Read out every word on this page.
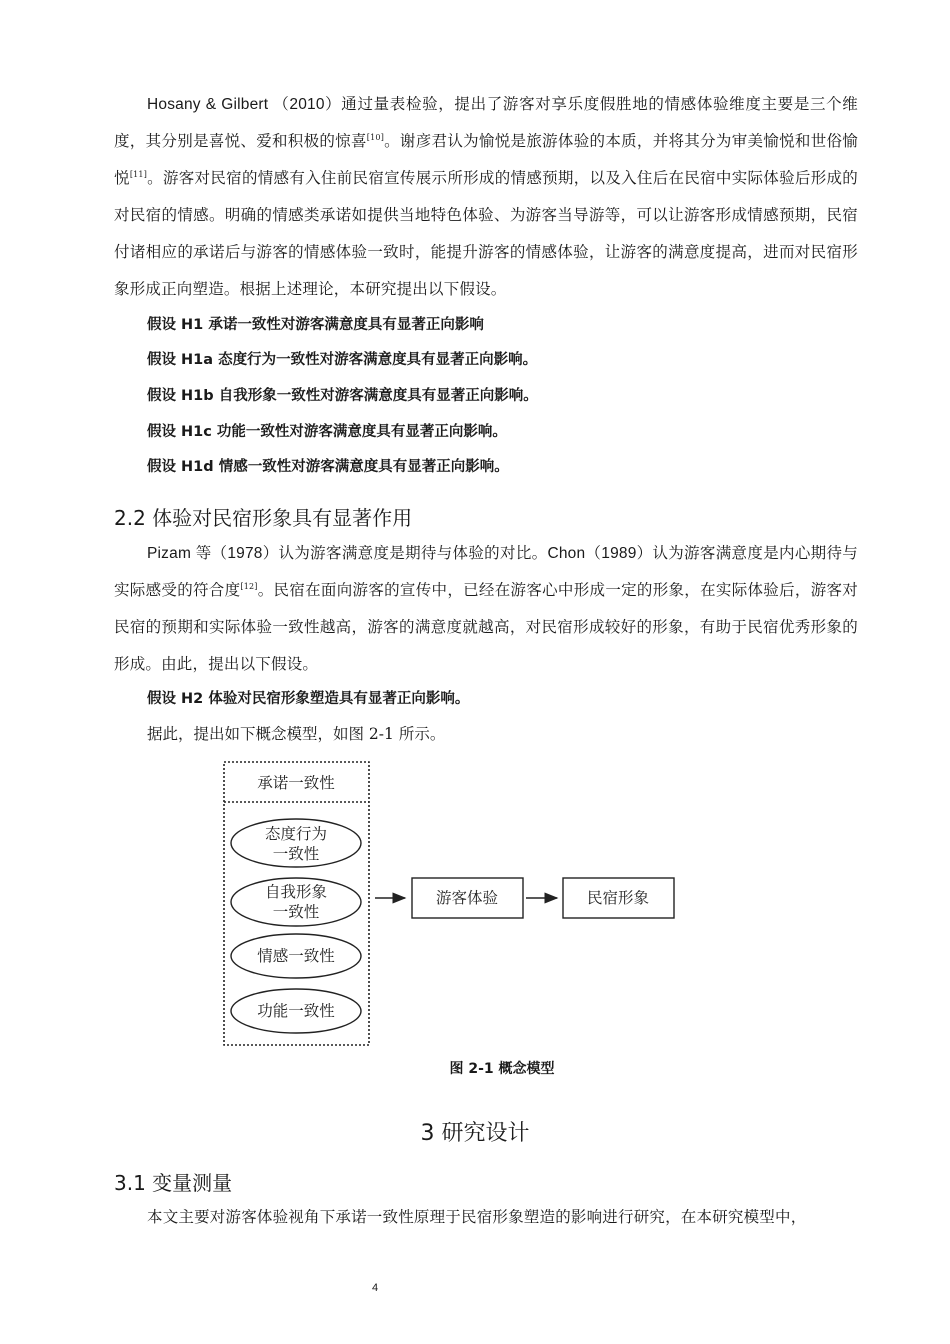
Hosany & Gilbert （2010）通过量表检验，提出了游客对享乐度假胜地的情感体验维度主要是三个维度，其分别是喜悦、爱和积极的惊喜[10]。谢彦君认为愉悦是旅游体验的本质，并将其分为审美愉悦和世俗愉悦[11]。游客对民宿的情感有入住前民宿宣传展示所形成的情感预期，以及入住后在民宿中实际体验后形成的对民宿的情感。明确的情感类承诺如提供当地特色体验、为游客当导游等，可以让游客形成情感预期，民宿付诸相应的承诺后与游客的情感体验一致时，能提升游客的情感体验，让游客的满意度提高，进而对民宿形象形成正向塑造。根据上述理论，本研究提出以下假设。

假设 H1 承诺一致性对游客满意度具有显著正向影响

假设 H1a 态度行为一致性对游客满意度具有显著正向影响。

假设 H1b 自我形象一致性对游客满意度具有显著正向影响。

假设 H1c 功能一致性对游客满意度具有显著正向影响。

假设 H1d 情感一致性对游客满意度具有显著正向影响。

2.2 体验对民宿形象具有显著作用

Pizam 等（1978）认为游客满意度是期待与体验的对比。Chon（1989）认为游客满意度是内心期待与实际感受的符合度[12]。民宿在面向游客的宣传中，已经在游客心中形成一定的形象，在实际体验后，游客对民宿的预期和实际体验一致性越高，游客的满意度就越高，对民宿形成较好的形象，有助于民宿优秀形象的形成。由此，提出以下假设。

假设 H2 体验对民宿形象塑造具有显著正向影响。

据此，提出如下概念模型，如图 2-1 所示。

承诺一致性
态度行为
一致性
自我形象
一致性
情感一致性
功能一致性
游客体验	民宿形象

图 2-1 概念模型

3 研究设计
3.1 变量测量

本文主要对游客体验视角下承诺一致性原理于民宿形象塑造的影响进行研究，在本研究模型中，

4
